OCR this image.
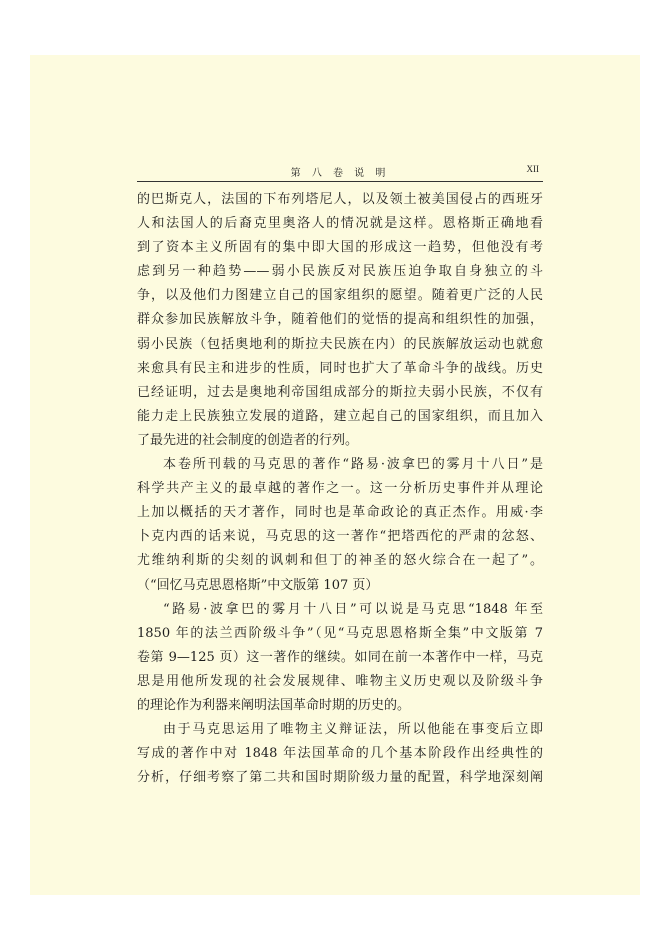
第 八 卷 说 明	XII
的巴斯克人，法国的下布列塔尼人，以及领土被美国侵占的西班牙
人和法国人的后裔克里奥洛人的情况就是这样。恩格斯正确地看
到了资本主义所固有的集中即大国的形成这一趋势，但他没有考
虑到另一种趋势——弱小民族反对民族压迫争取自身独立的斗
争，以及他们力图建立自己的国家组织的愿望。随着更广泛的人民
群众参加民族解放斗争，随着他们的觉悟的提高和组织性的加强，
弱小民族（包括奥地利的斯拉夫民族在内）的民族解放运动也就愈
来愈具有民主和进步的性质，同时也扩大了革命斗争的战线。历史
已经证明，过去是奥地利帝国组成部分的斯拉夫弱小民族，不仅有
能力走上民族独立发展的道路，建立起自己的国家组织，而且加入
了最先进的社会制度的创造者的行列。
本卷所刊载的马克思的著作“路易·波拿巴的雾月十八日”是
科学共产主义的最卓越的著作之一。这一分析历史事件并从理论
上加以概括的天才著作，同时也是革命政论的真正杰作。用威·李
卜克内西的话来说，马克思的这一著作“把塔西佗的严肃的忿怒、
尤维纳利斯的尖刻的讽刺和但丁的神圣的怒火综合在一起了”。
（“回忆马克思恩格斯”中文版第 107 页）
“路易·波拿巴的雾月十八日”可以说是马克思“1848 年至
1850 年的法兰西阶级斗争”（见“马克思恩格斯全集”中文版第 7
卷第 9—125 页）这一著作的继续。如同在前一本著作中一样，马克
思是用他所发现的社会发展规律、唯物主义历史观以及阶级斗争
的理论作为利器来阐明法国革命时期的历史的。
由于马克思运用了唯物主义辩证法，所以他能在事变后立即
写成的著作中对 1848 年法国革命的几个基本阶段作出经典性的
分析，仔细考察了第二共和国时期阶级力量的配置，科学地深刻阐
